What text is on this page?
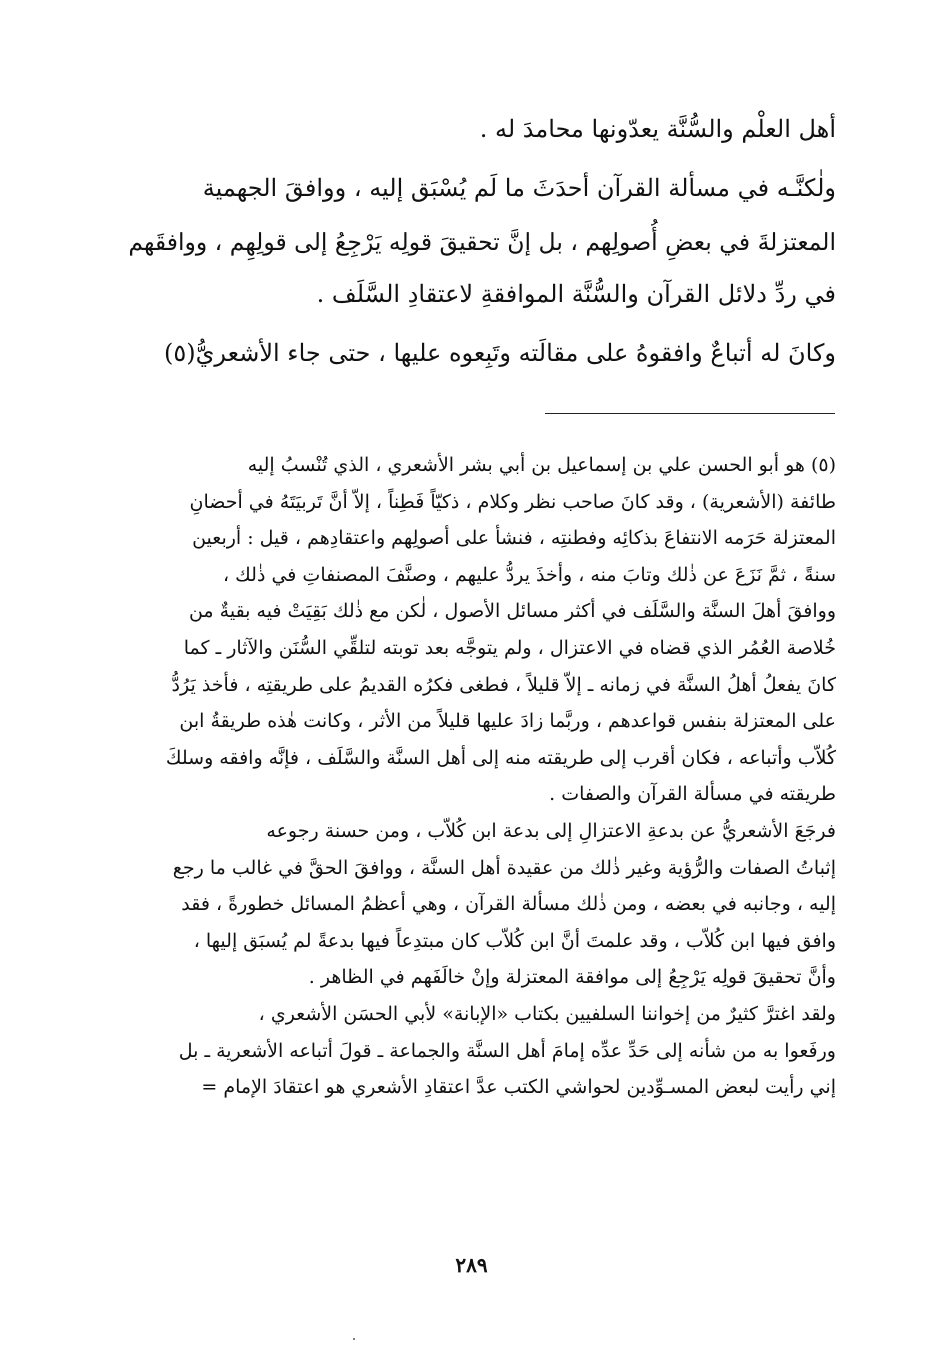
أهل العلْم والسُّنَّة يعدّونها محامدَ له .
ولٰكنَّـه في مسألة القرآن أحدَثَ ما لَم يُسْبَق إليه ، ووافقَ الجهمية
المعتزلةَ في بعضِ أُصولِهم ، بل إنَّ تحقيقَ قولِه يَرْجِعُ إلى قولِهِم ، ووافقَهم
في ردِّ دلائل القرآن والسُّنَّة الموافقةِ لاعتقادِ السَّلَف .
وكانَ له أتباعٌ وافقوهُ على مقالَته وتَبِعوه عليها ، حتى جاء الأشعريُّ(٥)
(٥) هو أبو الحسن علي بن إسماعيل بن أبي بشر الأشعري ، الذي تُنْسبُ إليه
طائفة (الأشعرية) ، وقد كانَ صاحب نظر وكلام ، ذكيّاً فَطِناً ، إلاّ أنَّ تَربيَتَهُ في أحضانِ
المعتزلة حَرَمه الانتفاعَ بذكائِه وفطنتِه ، فنشأ على أصولِهم واعتقادِهم ، قيل : أربعين
سنةً ، ثمَّ نَزَعَ عن ذٰلك وتابَ منه ، وأخذَ يردُّ عليهم ، وصنَّفَ المصنفاتِ في ذٰلك ،
ووافقَ أهلَ السنَّة والسَّلَف في أكثر مسائل الأصول ، لٰكن مع ذٰلك بَقِيَتْ فيه بقيةٌ من
خُلاصة العُمُر الذي قضاه في الاعتزال ، ولم يتوجَّه بعد توبته لتلقِّي السُّنَن والآثار ـ كما
كانَ يفعلُ أهلُ السنَّة في زمانه ـ إلاّ قليلاً ، فطغى فكرُه القديمُ على طريقتِه ، فأخذ يَرُدُّ
على المعتزلة بنفس قواعدهم ، وربَّما زادَ عليها قليلاً من الأثر ، وكانت هٰذه طريقةُ ابن
كُلاّب وأتباعه ، فكان أقرب إلى طريقته منه إلى أهل السنَّة والسَّلَف ، فإنَّه وافقه وسلكَ
طريقته في مسألة القرآن والصفات .
فرجَعَ الأشعريُّ عن بدعةِ الاعتزالِ إلى بدعة ابن كُلاّب ، ومن حسنة رجوعه
إثباتُ الصفات والرُّؤية وغير ذٰلك من عقيدة أهل السنَّة ، ووافقَ الحقَّ في غالب ما رجع
إليه ، وجانبه في بعضه ، ومن ذٰلك مسألة القرآن ، وهي أعظمُ المسائل خطورةً ، فقد
وافق فيها ابن كُلاّب ، وقد علمتَ أنَّ ابن كُلاّب كان مبتدِعاً فيها بدعةً لم يُسبَق إليها ،
وأنَّ تحقيقَ قولِه يَرْجِعُ إلى موافقة المعتزلة وإنْ خالَفَهم في الظاهر .
ولقد اغترَّ كثيرٌ من إخواننا السلفيين بكتاب «الإبانة» لأبي الحسَن الأشعري ،
ورفَعوا به من شأنه إلى حَدِّ عدِّه إمامَ أهل السنَّة والجماعة ـ قولَ أتباعه الأشعرية ـ بل
إني رأيت لبعض المسـوِّدين لحواشي الكتب عدَّ اعتقادِ الأشعري هو اعتقادَ الإمام =
٢٨٩
